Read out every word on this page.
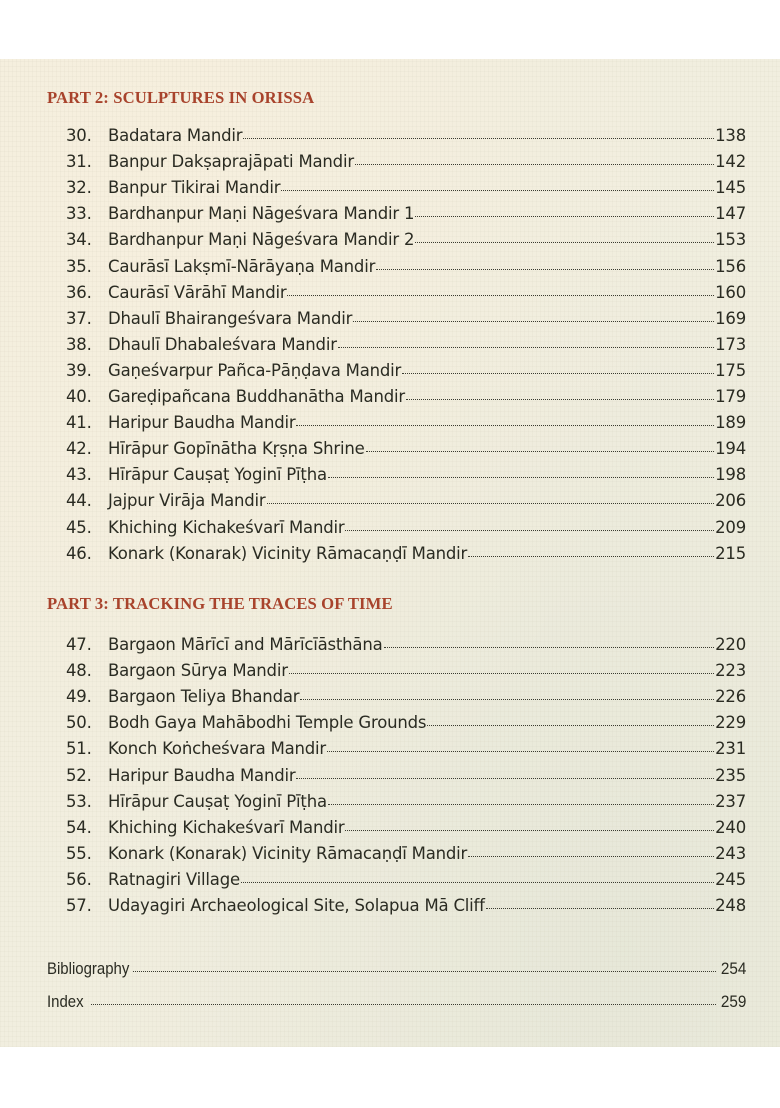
PART 2: SCULPTURES IN ORISSA
30. Badatara Mandir	138
31. Banpur Dakṣaprajāpati Mandir	142
32. Banpur Tikirai Mandir	145
33. Bardhanpur Maṇi Nāgeśvara Mandir 1	147
34. Bardhanpur Maṇi Nāgeśvara Mandir 2	153
35. Caurāsī Lakṣmī-Nārāyaṇa Mandir	156
36. Caurāsī Vārāhī Mandir	160
37. Dhaulī Bhairangeśvara Mandir	169
38. Dhaulī Dhabaleśvara Mandir	173
39. Gaṇeśvarpur Pañca-Pāṇḍava Mandir	175
40. Gareḍipañcana Buddhanātha Mandir	179
41. Haripur Baudha Mandir	189
42. Hīrāpur Gopīnātha Kṛṣṇa Shrine	194
43. Hīrāpur Cauṣaṭ Yoginī Pīṭha	198
44. Jajpur Virāja Mandir	206
45. Khiching Kichakeśvarī Mandir	209
46. Konark (Konarak) Vicinity Rāmacaṇḍī Mandir	215
PART 3: TRACKING THE TRACES OF TIME
47. Bargaon Mārīcī and Mārīcīāsthāna	220
48. Bargaon Sūrya Mandir	223
49. Bargaon Teliya Bhandar	226
50. Bodh Gaya Mahābodhi Temple Grounds	229
51. Konch Koṅcheśvara Mandir	231
52. Haripur Baudha Mandir	235
53. Hīrāpur Cauṣaṭ Yoginī Pīṭha	237
54. Khiching Kichakeśvarī Mandir	240
55. Konark (Konarak) Vicinity Rāmacaṇḍī Mandir	243
56. Ratnagiri Village	245
57. Udayagiri Archaeological Site, Solapua Mā Cliff	248
Bibliography	254
Index	259
